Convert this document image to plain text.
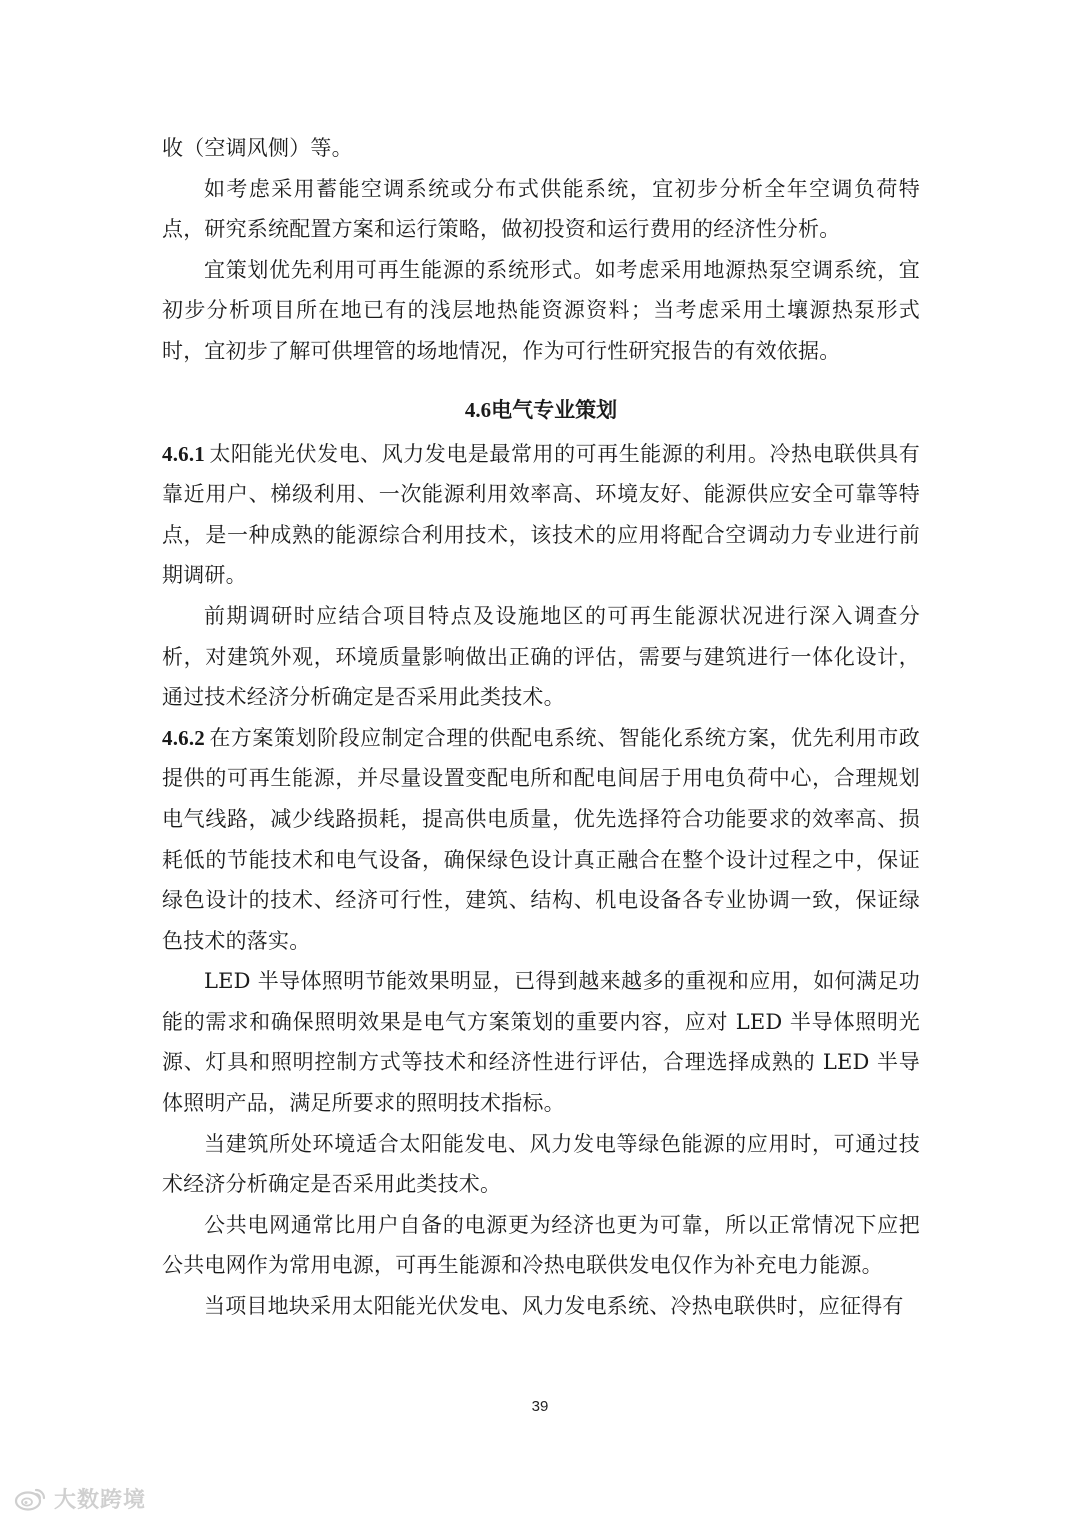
收（空调风侧）等。

如考虑采用蓄能空调系统或分布式供能系统，宜初步分析全年空调负荷特点，研究系统配置方案和运行策略，做初投资和运行费用的经济性分析。

宜策划优先利用可再生能源的系统形式。如考虑采用地源热泵空调系统，宜初步分析项目所在地已有的浅层地热能资源资料；当考虑采用土壤源热泵形式时，宜初步了解可供埋管的场地情况，作为可行性研究报告的有效依据。

4.6电气专业策划

4.6.1 太阳能光伏发电、风力发电是最常用的可再生能源的利用。冷热电联供具有靠近用户、梯级利用、一次能源利用效率高、环境友好、能源供应安全可靠等特点，是一种成熟的能源综合利用技术，该技术的应用将配合空调动力专业进行前期调研。

前期调研时应结合项目特点及设施地区的可再生能源状况进行深入调查分析，对建筑外观，环境质量影响做出正确的评估，需要与建筑进行一体化设计，通过技术经济分析确定是否采用此类技术。

4.6.2 在方案策划阶段应制定合理的供配电系统、智能化系统方案，优先利用市政提供的可再生能源，并尽量设置变配电所和配电间居于用电负荷中心，合理规划电气线路，减少线路损耗，提高供电质量，优先选择符合功能要求的效率高、损耗低的节能技术和电气设备，确保绿色设计真正融合在整个设计过程之中，保证绿色设计的技术、经济可行性，建筑、结构、机电设备各专业协调一致，保证绿色技术的落实。

LED 半导体照明节能效果明显，已得到越来越多的重视和应用，如何满足功能的需求和确保照明效果是电气方案策划的重要内容，应对 LED 半导体照明光源、灯具和照明控制方式等技术和经济性进行评估，合理选择成熟的 LED 半导体照明产品，满足所要求的照明技术指标。

当建筑所处环境适合太阳能发电、风力发电等绿色能源的应用时，可通过技术经济分析确定是否采用此类技术。

公共电网通常比用户自备的电源更为经济也更为可靠，所以正常情况下应把公共电网作为常用电源，可再生能源和冷热电联供发电仅作为补充电力能源。

当项目地块采用太阳能光伏发电、风力发电系统、冷热电联供时，应征得有

39
大数跨境
